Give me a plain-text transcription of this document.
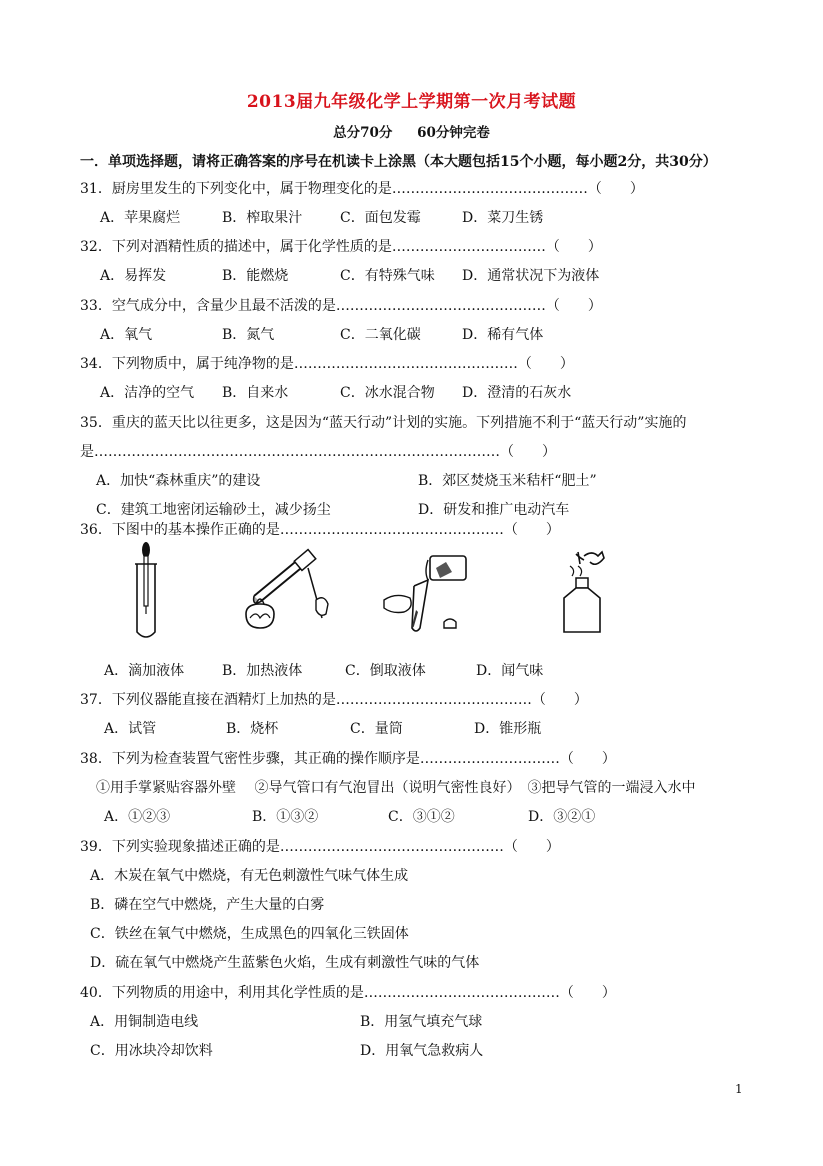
2013届九年级化学上学期第一次月考试题
总分70分 60分钟完卷
一．单项选择题，请将正确答案的序号在机读卡上涂黑（本大题包括15个小题，每小题2分，共30分）
31．厨房里发生的下列变化中，属于物理变化的是……………………………………（　　）
A．苹果腐烂	B．榨取果汁	C．面包发霉	D．菜刀生锈
32．下列对酒精性质的描述中，属于化学性质的是……………………………（　　）
A．易挥发	B．能燃烧	C．有特殊气味 D．通常状况下为液体
33．空气成分中，含量少且最不活泼的是………………………………………（　　）
A．氧气	B．氮气	C．二氧化碳	D．稀有气体
34．下列物质中，属于纯净物的是…………………………………………（　　）
A．洁净的空气 B．自来水	C．冰水混合物 D．澄清的石灰水
35．重庆的蓝天比以往更多，这是因为“蓝天行动”计划的实施。下列措施不利于“蓝天行动”实施的
是……………………………………………………………………………（　　）
A．加快“森林重庆”的建设	B．郊区焚烧玉米秸杆“肥土”
C．建筑工地密闭运输砂土，减少扬尘	D．研发和推广电动汽车
36．下图中的基本操作正确的是…………………………………………（　　）
A．滴加液体	B．加热液体	C．倒取液体	D．闻气味
37．下列仪器能直接在酒精灯上加热的是……………………………………（　　）
A．试管	B．烧杯	C．量筒	D．锥形瓶
38．下列为检查装置气密性步骤，其正确的操作顺序是…………………………（　　）
①用手掌紧贴容器外壁　 ②导气管口有气泡冒出（说明气密性良好）　③把导气管的一端浸入水中
A．①②③	B．①③②	C．③①②	D．③②①
39．下列实验现象描述正确的是…………………………………………（　　）
A．木炭在氧气中燃烧，有无色刺激性气味气体生成
B．磷在空气中燃烧，产生大量的白雾
C．铁丝在氧气中燃烧，生成黑色的四氧化三铁固体
D．硫在氧气中燃烧产生蓝紫色火焰，生成有刺激性气味的气体
40．下列物质的用途中，利用其化学性质的是……………………………………（　　）
A．用铜制造电线	B．用氢气填充气球
C．用冰块冷却饮料	D．用氧气急救病人
1
